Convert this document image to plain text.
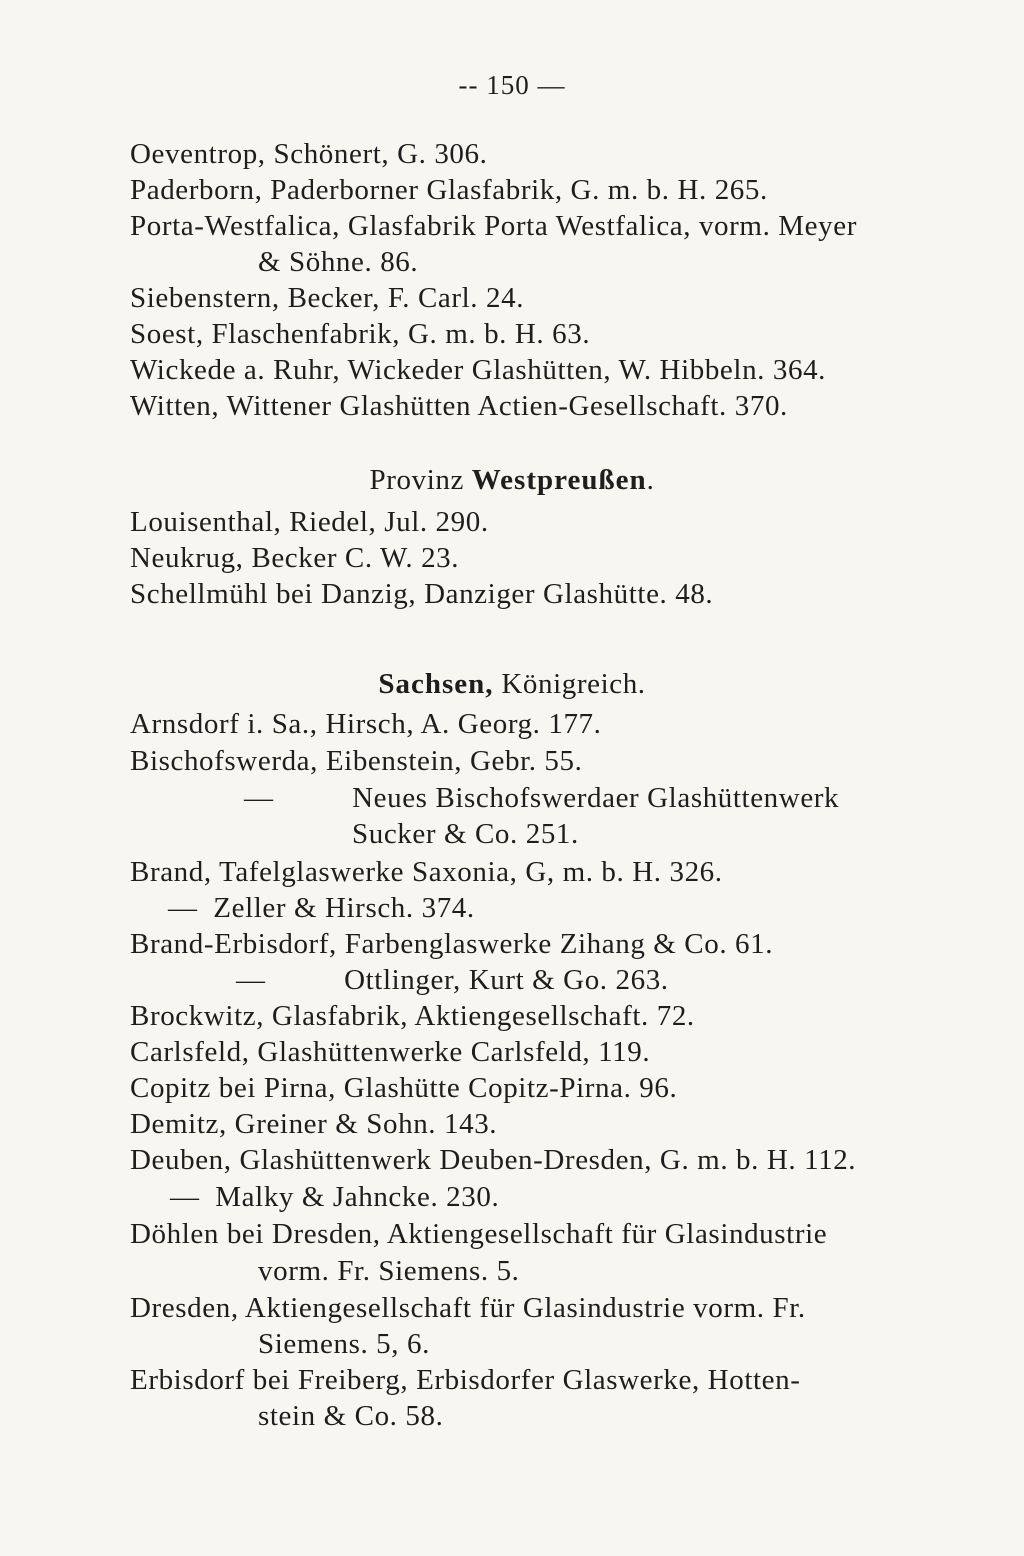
-- 150 —
Oeventrop, Schönert, G. 306.
Paderborn, Paderborner Glasfabrik, G. m. b. H. 265.
Porta-Westfalica, Glasfabrik Porta Westfalica, vorm. Meyer
& Söhne. 86.
Siebenstern, Becker, F. Carl. 24.
Soest, Flaschenfabrik, G. m. b. H. 63.
Wickede a. Ruhr, Wickeder Glashütten, W. Hibbeln. 364.
Witten, Wittener Glashütten Actien-Gesellschaft. 370.
Provinz Westpreußen.
Louisenthal, Riedel, Jul. 290.
Neukrug, Becker C. W. 23.
Schellmühl bei Danzig, Danziger Glashütte. 48.
Sachsen, Königreich.
Arnsdorf i. Sa., Hirsch, A. Georg. 177.
Bischofswerda, Eibenstein, Gebr. 55.
—          Neues Bischofswerdaer Glashüttenwerk
Sucker & Co. 251.
Brand, Tafelglaswerke Saxonia, G, m. b. H. 326.
—  Zeller & Hirsch. 374.
Brand-Erbisdorf, Farbenglaswerke Zihang & Co. 61.
—          Ottlinger, Kurt & Go. 263.
Brockwitz, Glasfabrik, Aktiengesellschaft. 72.
Carlsfeld, Glashüttenwerke Carlsfeld, 119.
Copitz bei Pirna, Glashütte Copitz-Pirna. 96.
Demitz, Greiner & Sohn. 143.
Deuben, Glashüttenwerk Deuben-Dresden, G. m. b. H. 112.
—  Malky & Jahncke. 230.
Döhlen bei Dresden, Aktiengesellschaft für Glasindustrie
vorm. Fr. Siemens. 5.
Dresden, Aktiengesellschaft für Glasindustrie vorm. Fr.
Siemens. 5, 6.
Erbisdorf bei Freiberg, Erbisdorfer Glaswerke, Hotten-
stein & Co. 58.
